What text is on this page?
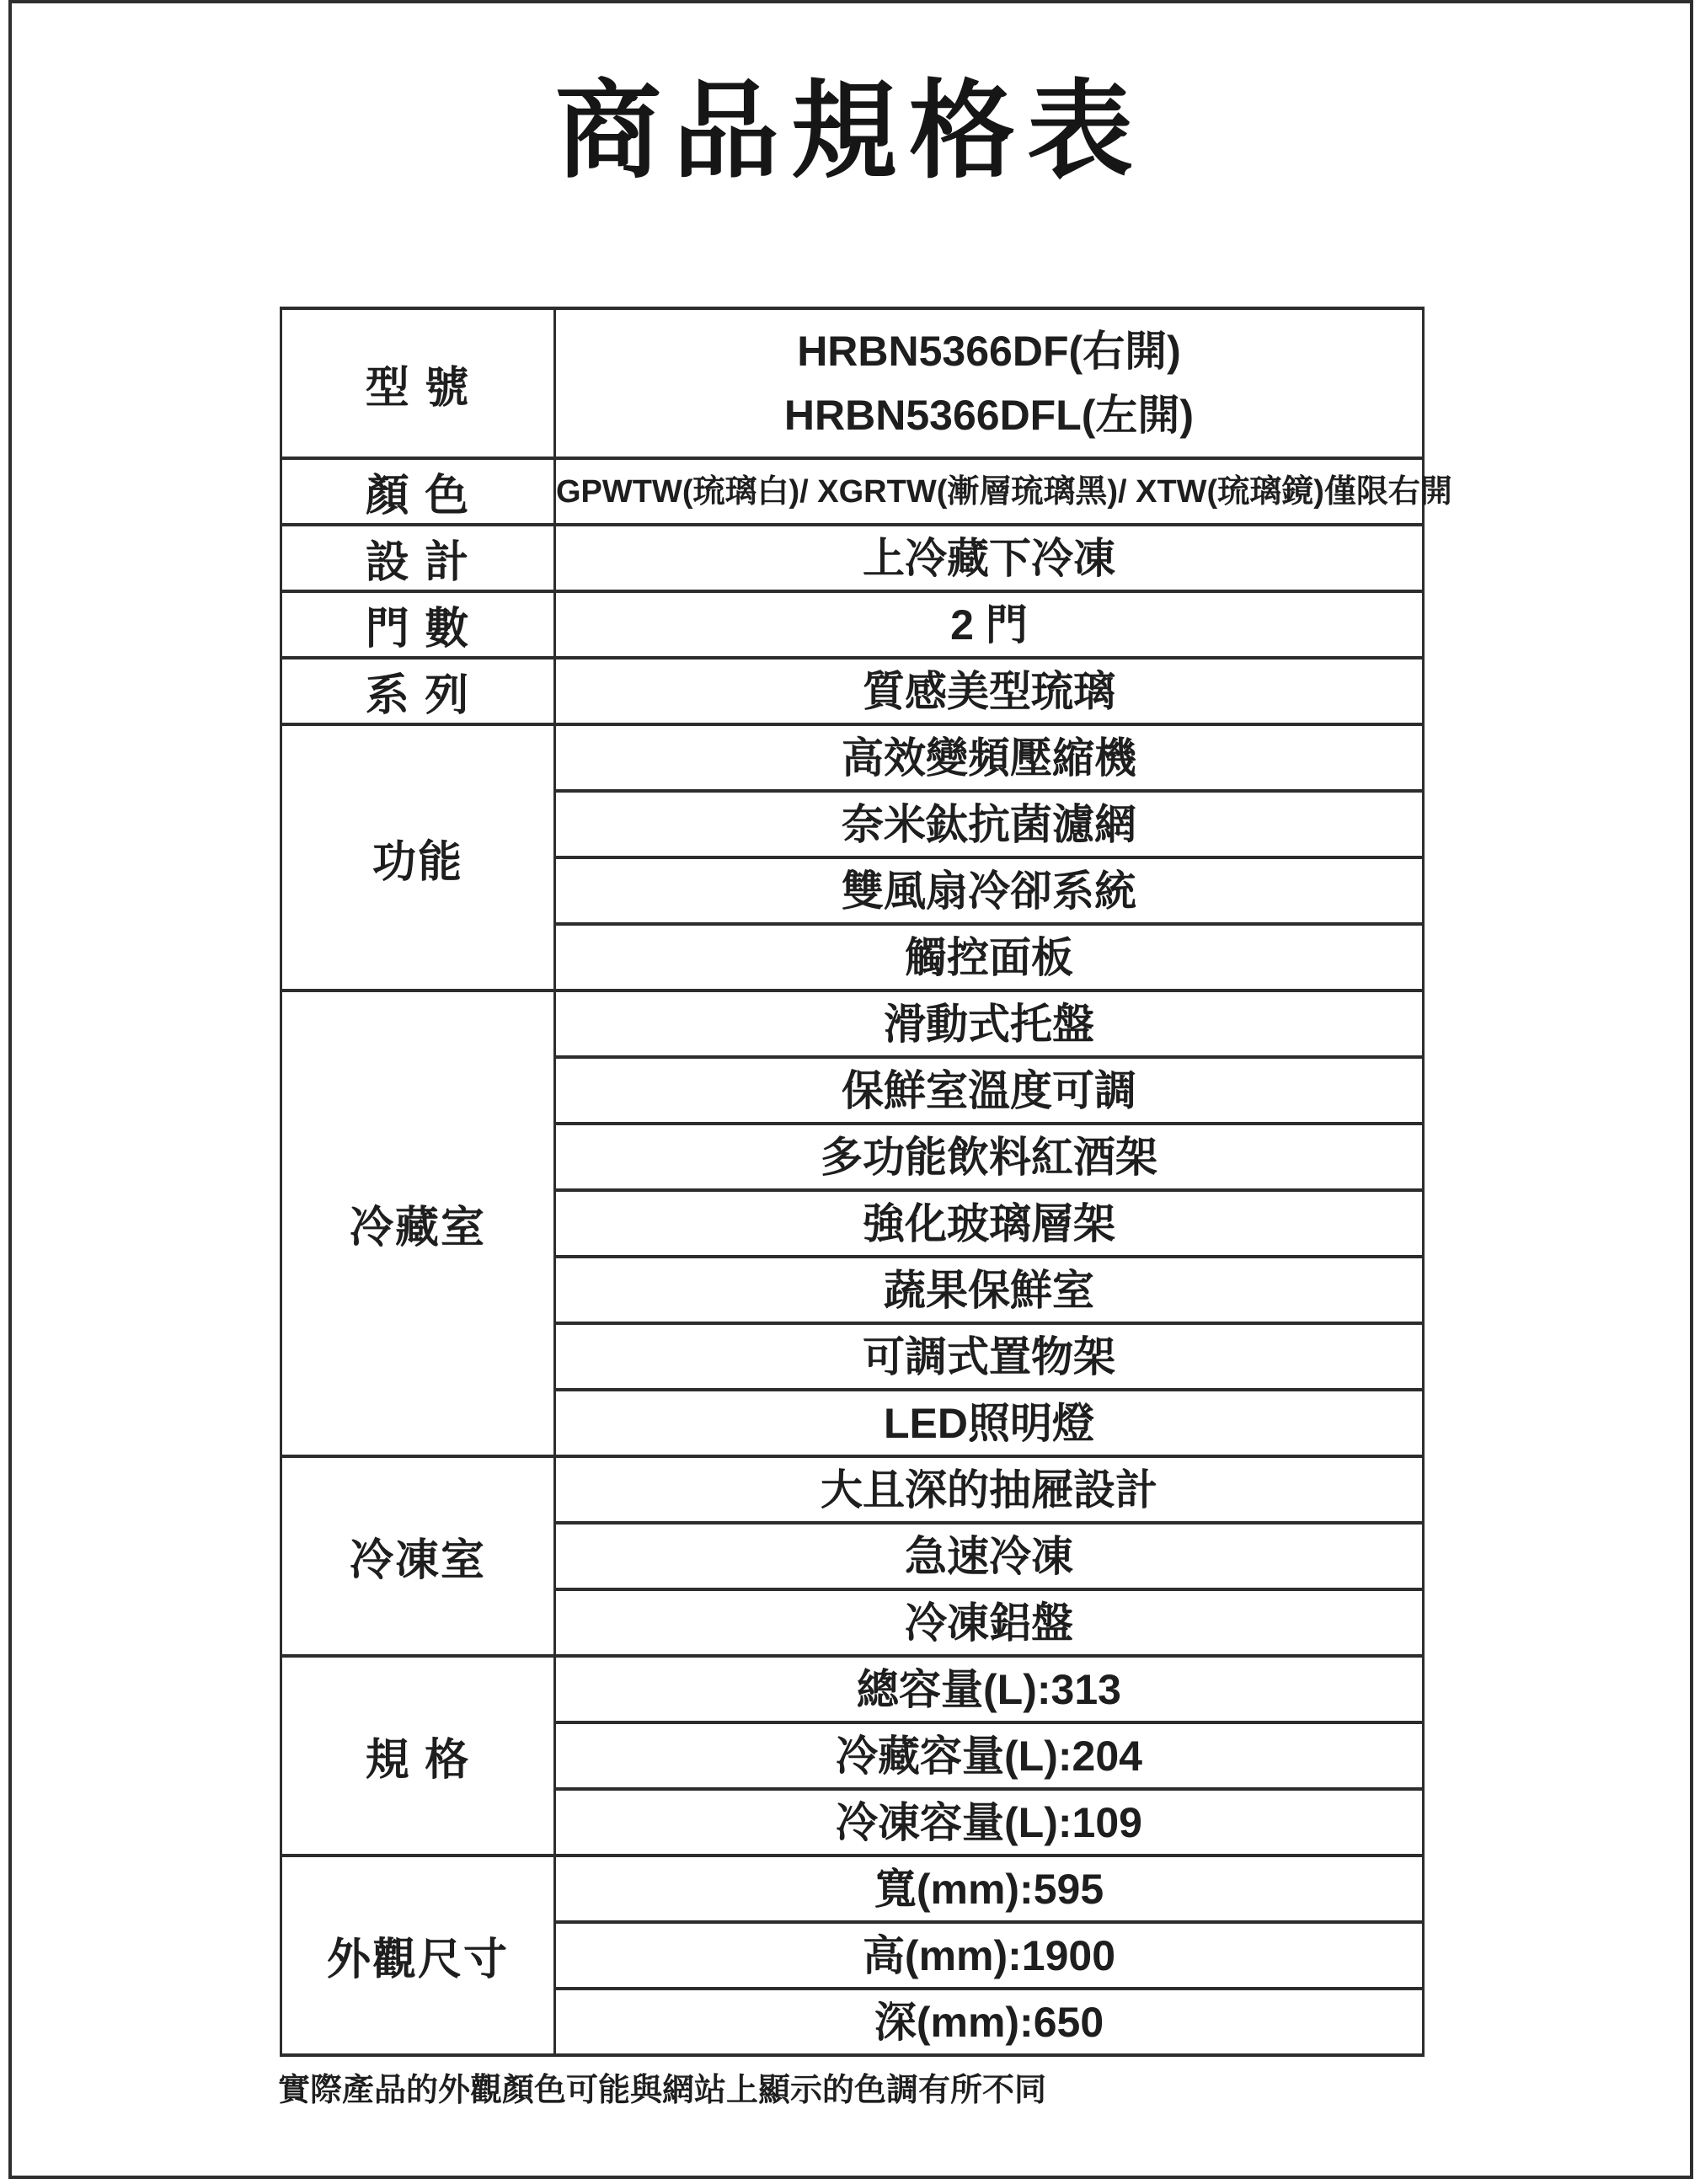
商品規格表
型 號	HRBN5366DF(右開)
HRBN5366DFL(左開)

顏 色	GPWTW(琉璃白)/ XGRTW(漸層琉璃黑)/ XTW(琉璃鏡)僅限右開

設 計	上冷藏下冷凍

門 數	2 門

系 列	質感美型琉璃

功能	高效變頻壓縮機

	奈米鈦抗菌濾網

	雙風扇冷卻系統

	觸控面板

冷藏室	滑動式托盤

	保鮮室溫度可調

	多功能飲料紅酒架

	強化玻璃層架

	蔬果保鮮室

	可調式置物架

	LED照明燈

冷凍室	大且深的抽屜設計

	急速冷凍

	冷凍鋁盤

規 格	總容量(L):313

	冷藏容量(L):204

	冷凍容量(L):109

外觀尺寸	寬(mm):595

	高(mm):1900

	深(mm):650
實際產品的外觀顏色可能與網站上顯示的色調有所不同
